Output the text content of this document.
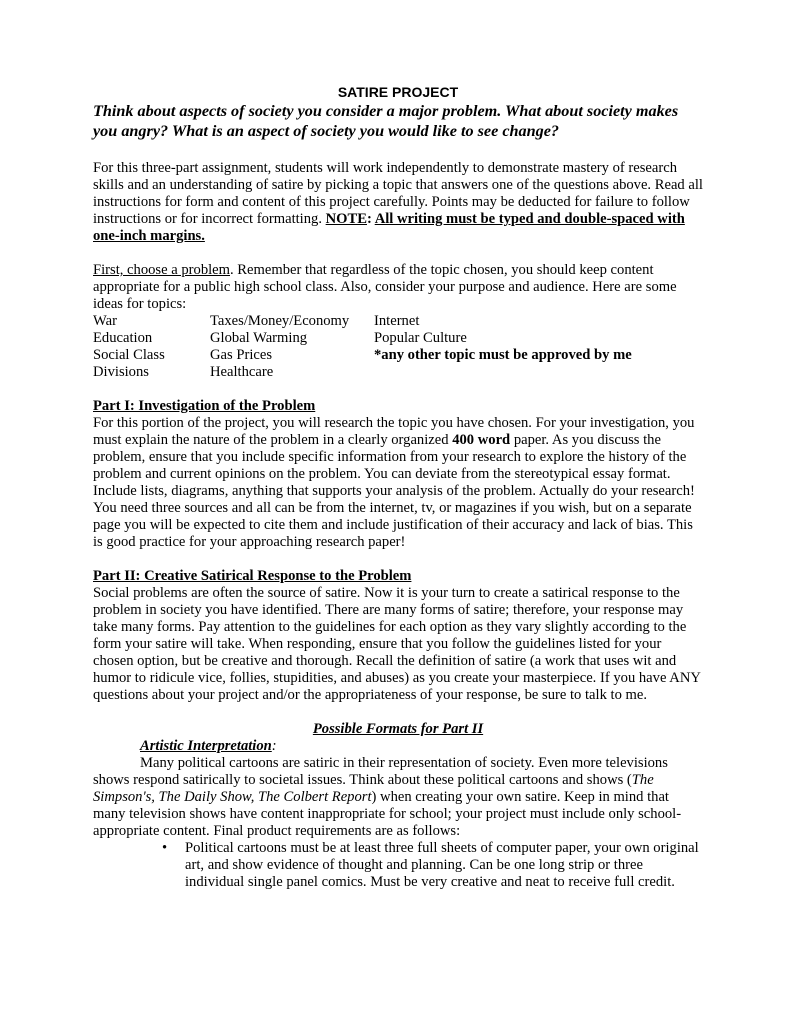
SATIRE PROJECT

Think about aspects of society you consider a major problem. What about society makes you angry? What is an aspect of society you would like to see change?

For this three-part assignment, students will work independently to demonstrate mastery of research skills and an understanding of satire by picking a topic that answers one of the questions above. Read all instructions for form and content of this project carefully. Points may be deducted for failure to follow instructions or for incorrect formatting. NOTE: All writing must be typed and double-spaced with one-inch margins.

First, choose a problem. Remember that regardless of the topic chosen, you should keep content appropriate for a public high school class. Also, consider your purpose and audience. Here are some ideas for topics:

War
Education
Social Class
Divisions
Taxes/Money/Economy
Global Warming
Gas Prices
Healthcare
Internet
Popular Culture
*any other topic must be approved by me

Part I: Investigation of the Problem

For this portion of the project, you will research the topic you have chosen. For your investigation, you must explain the nature of the problem in a clearly organized 400 word paper. As you discuss the problem, ensure that you include specific information from your research to explore the history of the problem and current opinions on the problem. You can deviate from the stereotypical essay format. Include lists, diagrams, anything that supports your analysis of the problem. Actually do your research! You need three sources and all can be from the internet, tv, or magazines if you wish, but on a separate page you will be expected to cite them and include justification of their accuracy and lack of bias. This is good practice for your approaching research paper!

Part II: Creative Satirical Response to the Problem

Social problems are often the source of satire. Now it is your turn to create a satirical response to the problem in society you have identified. There are many forms of satire; therefore, your response may take many forms. Pay attention to the guidelines for each option as they vary slightly according to the form your satire will take. When responding, ensure that you follow the guidelines listed for your chosen option, but be creative and thorough. Recall the definition of satire (a work that uses wit and humor to ridicule vice, follies, stupidities, and abuses) as you create your masterpiece. If you have ANY questions about your project and/or the appropriateness of your response, be sure to talk to me.

Possible Formats for Part II

Artistic Interpretation:

Many political cartoons are satiric in their representation of society. Even more televisions shows respond satirically to societal issues. Think about these political cartoons and shows (The Simpson's, The Daily Show, The Colbert Report) when creating your own satire. Keep in mind that many television shows have content inappropriate for school; your project must include only school-appropriate content. Final product requirements are as follows:

• Political cartoons must be at least three full sheets of computer paper, your own original art, and show evidence of thought and planning. Can be one long strip or three individual single panel comics. Must be very creative and neat to receive full credit.
